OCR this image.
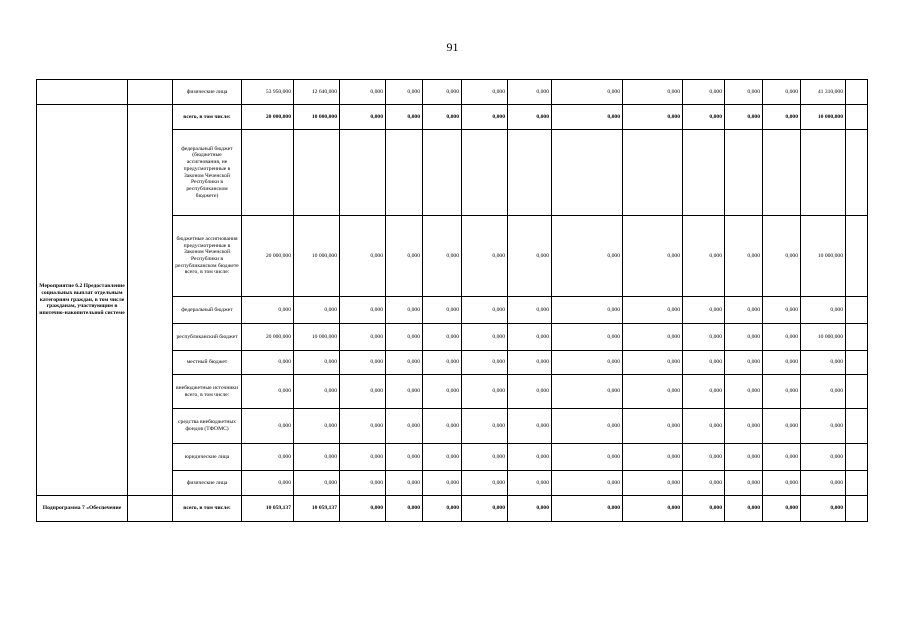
91
		физические лица	53 950,000	12 640,000	0,000	0,000	0,000	0,000	0,000	0,000	0,000	0,000	0,000	0,000	41 310,000	
Мероприятие 6.2 Предоставление социальных выплат отдельным категориям граждан, в том числе гражданам, участвующим в ипотечно-накопительной системе		всего, в том числе:	20 000,000	10 000,000	0,000	0,000	0,000	0,000	0,000	0,000	0,000	0,000	0,000	0,000	10 000,000	
		федеральный бюджет (бюджетные ассигнования, не предусмотренные в Законом Чеченской Республики в республиканском бюджете)														
		бюджетные ассигнования предусмотренные в Законом Чеченской Республики в республиканском бюджете всего, в том числе:	20 000,000	10 000,000	0,000	0,000	0,000	0,000	0,000	0,000	0,000	0,000	0,000	0,000	10 000,000	
		федеральный бюджет	0,000	0,000	0,000	0,000	0,000	0,000	0,000	0,000	0,000	0,000	0,000	0,000	0,000	
		республиканский бюджет	20 000,000	10 000,000	0,000	0,000	0,000	0,000	0,000	0,000	0,000	0,000	0,000	0,000	10 000,000	
		местный бюджет	0,000	0,000	0,000	0,000	0,000	0,000	0,000	0,000	0,000	0,000	0,000	0,000	0,000	
		внебюджетные источники всего, в том числе:	0,000	0,000	0,000	0,000	0,000	0,000	0,000	0,000	0,000	0,000	0,000	0,000	0,000	
		средства внебюджетных фондов (ТФОМС)	0,000	0,000	0,000	0,000	0,000	0,000	0,000	0,000	0,000	0,000	0,000	0,000	0,000	
		юридические лица	0,000	0,000	0,000	0,000	0,000	0,000	0,000	0,000	0,000	0,000	0,000	0,000	0,000	
		физические лица	0,000	0,000	0,000	0,000	0,000	0,000	0,000	0,000	0,000	0,000	0,000	0,000	0,000	
Подпрограмма 7 «Обеспечение		всего, в том числе:	10 059,137	10 059,137	0,000	0,000	0,000	0,000	0,000	0,000	0,000	0,000	0,000	0,000	0,000	
